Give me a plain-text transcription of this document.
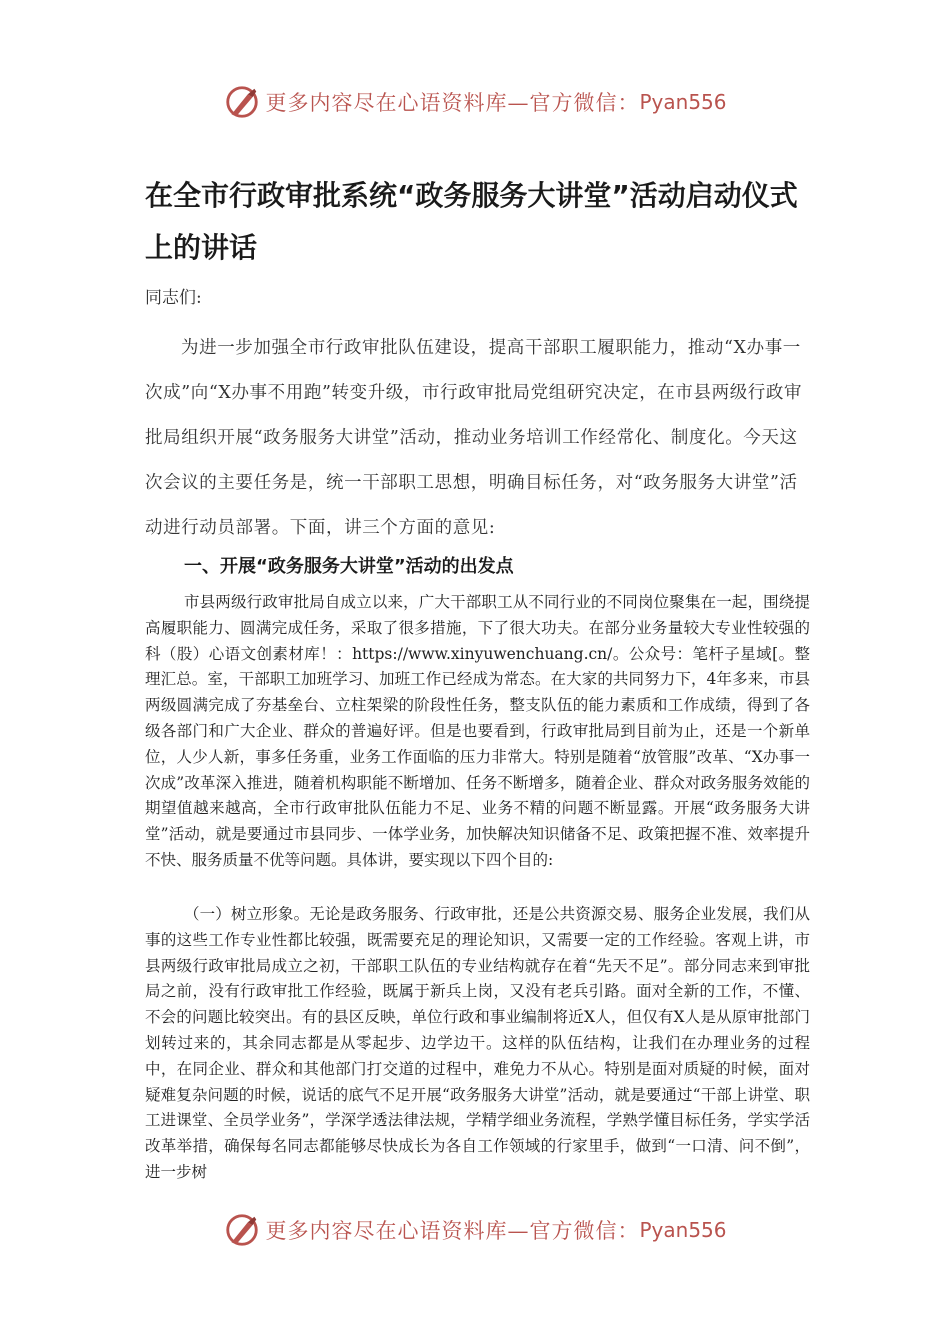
更多内容尽在心语资料库—官方微信： Pyan556
在全市行政审批系统“政务服务大讲堂”活动启动仪式上的讲话
同志们:

为进一步加强全市行政审批队伍建设，提高干部职工履职能力，推动“X办事一次成”向“X办事不用跑”转变升级，市行政审批局党组研究决定，在市县两级行政审批局组织开展“政务服务大讲堂”活动，推动业务培训工作经常化、制度化。今天这次会议的主要任务是，统一干部职工思想，明确目标任务，对“政务服务大讲堂”活动进行动员部署。下面，讲三个方面的意见:

一、开展“政务服务大讲堂”活动的出发点

市县两级行政审批局自成立以来，广大干部职工从不同行业的不同岗位聚集在一起，围绕提高履职能力、圆满完成任务，采取了很多措施，下了很大功夫。在部分业务量较大专业性较强的科（股）心语文创素材库！：https://www.xinyuwenchuang.cn/。公众号：笔杆子星域[。整理汇总。室，干部职工加班学习、加班工作已经成为常态。在大家的共同努力下，4年多来，市县两级圆满完成了夯基垒台、立柱架梁的阶段性任务，整支队伍的能力素质和工作成绩，得到了各级各部门和广大企业、群众的普遍好评。但是也要看到，行政审批局到目前为止，还是一个新单位，人少人新，事多任务重，业务工作面临的压力非常大。特别是随着“放管服”改革、“X办事一次成”改革深入推进，随着机构职能不断增加、任务不断增多，随着企业、群众对政务服务效能的期望值越来越高，全市行政审批队伍能力不足、业务不精的问题不断显露。开展“政务服务大讲堂”活动，就是要通过市县同步、一体学业务，加快解决知识储备不足、政策把握不准、效率提升不快、服务质量不优等问题。具体讲，要实现以下四个目的:

（一）树立形象。无论是政务服务、行政审批，还是公共资源交易、服务企业发展，我们从事的这些工作专业性都比较强，既需要充足的理论知识，又需要一定的工作经验。客观上讲，市县两级行政审批局成立之初，干部职工队伍的专业结构就存在着“先天不足”。部分同志来到审批局之前，没有行政审批工作经验，既属于新兵上岗，又没有老兵引路。面对全新的工作，不懂、不会的问题比较突出。有的县区反映，单位行政和事业编制将近X人，但仅有X人是从原审批部门划转过来的，其余同志都是从零起步、边学边干。这样的队伍结构，让我们在办理业务的过程中，在同企业、群众和其他部门打交道的过程中，难免力不从心。特别是面对质疑的时候，面对疑难复杂问题的时候，说话的底气不足开展“政务服务大讲堂”活动，就是要通过“干部上讲堂、职工进课堂、全员学业务”，学深学透法律法规，学精学细业务流程，学熟学懂目标任务，学实学活改革举措，确保每名同志都能够尽快成长为各自工作领域的行家里手，做到“一口清、问不倒”，进一步树

更多内容尽在心语资料库—官方微信： Pyan556
